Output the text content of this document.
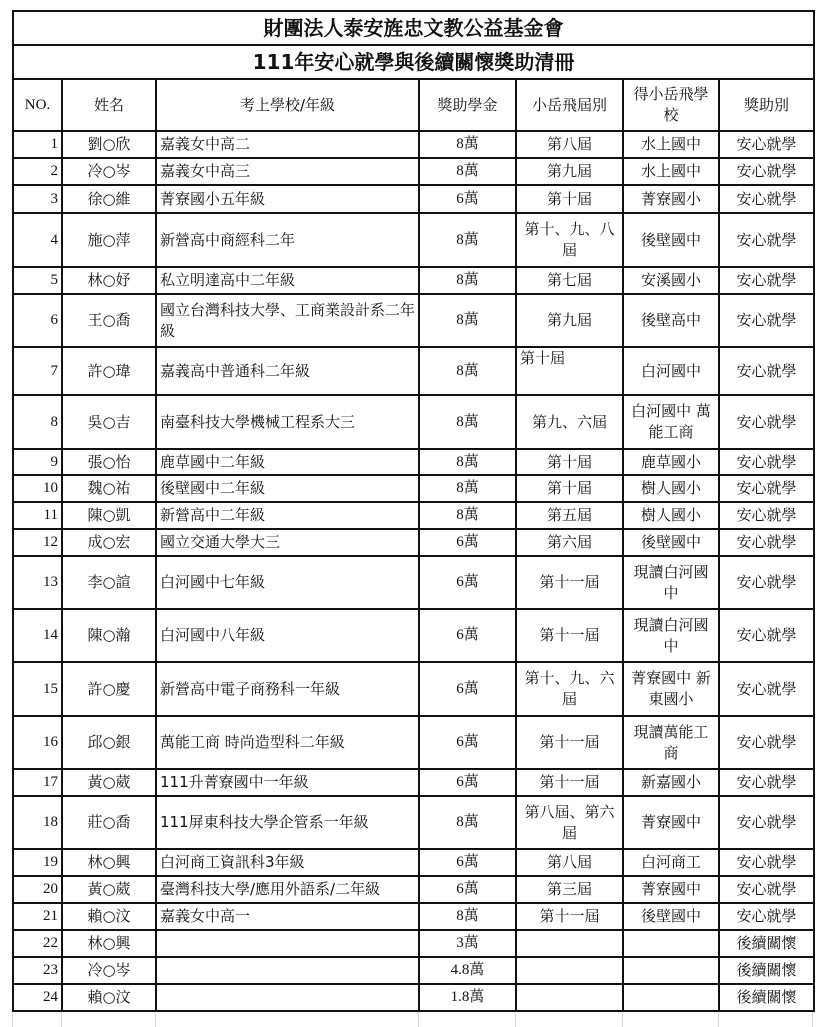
財團法人泰安旌忠文教公益基金會						
111年安心就學與後續關懷獎助清冊						
NO.	姓名	考上學校/年級	獎助學金	小岳飛屆別	得小岳飛學校	獎助別
1	劉○欣	嘉義女中高二	8萬	第八屆	水上國中	安心就學
2	冷○岑	嘉義女中高三	8萬	第九屆	水上國中	安心就學
3	徐○維	菁寮國小五年級	6萬	第十屆	菁寮國小	安心就學
4	施○萍	新營高中商經科二年	8萬	第十、九、八屆	後壁國中	安心就學
5	林○妤	私立明達高中二年級	8萬	第七屆	安溪國小	安心就學
6	王○喬	國立台灣科技大學、工商業設計系二年級	8萬	第九屆	後壁高中	安心就學
7	許○瑋	嘉義高中普通科二年級	8萬	第十屆	白河國中	安心就學
8	吳○吉	南臺科技大學機械工程系大三	8萬	第九、六屆	白河國中 萬能工商	安心就學
9	張○怡	鹿草國中二年級	8萬	第十屆	鹿草國小	安心就學
10	魏○祐	後壁國中二年級	8萬	第十屆	樹人國小	安心就學
11	陳○凱	新營高中二年級	8萬	第五屆	樹人國小	安心就學
12	成○宏	國立交通大學大三	6萬	第六屆	後壁國中	安心就學
13	李○諠	白河國中七年級	6萬	第十一屆	現讀白河國中	安心就學
14	陳○瀚	白河國中八年級	6萬	第十一屆	現讀白河國中	安心就學
15	許○慶	新營高中電子商務科一年級	6萬	第十、九、六屆	菁寮國中 新東國小	安心就學
16	邱○銀	萬能工商 時尚造型科二年級	6萬	第十一屆	現讀萬能工商	安心就學
17	黃○葳	111升菁寮國中一年級	6萬	第十一屆	新嘉國小	安心就學
18	莊○喬	111屏東科技大學企管系一年級	8萬	第八屆、第六屆	菁寮國中	安心就學
19	林○興	白河商工資訊科3年級	6萬	第八屆	白河商工	安心就學
20	黃○葳	臺灣科技大學/應用外語系/二年級	6萬	第三屆	菁寮國中	安心就學
21	賴○汶	嘉義女中高一	8萬	第十一屆	後壁國中	安心就學
22	林○興		3萬			後續關懷
23	冷○岑		4.8萬			後續關懷
24	賴○汶		1.8萬			後續關懷
